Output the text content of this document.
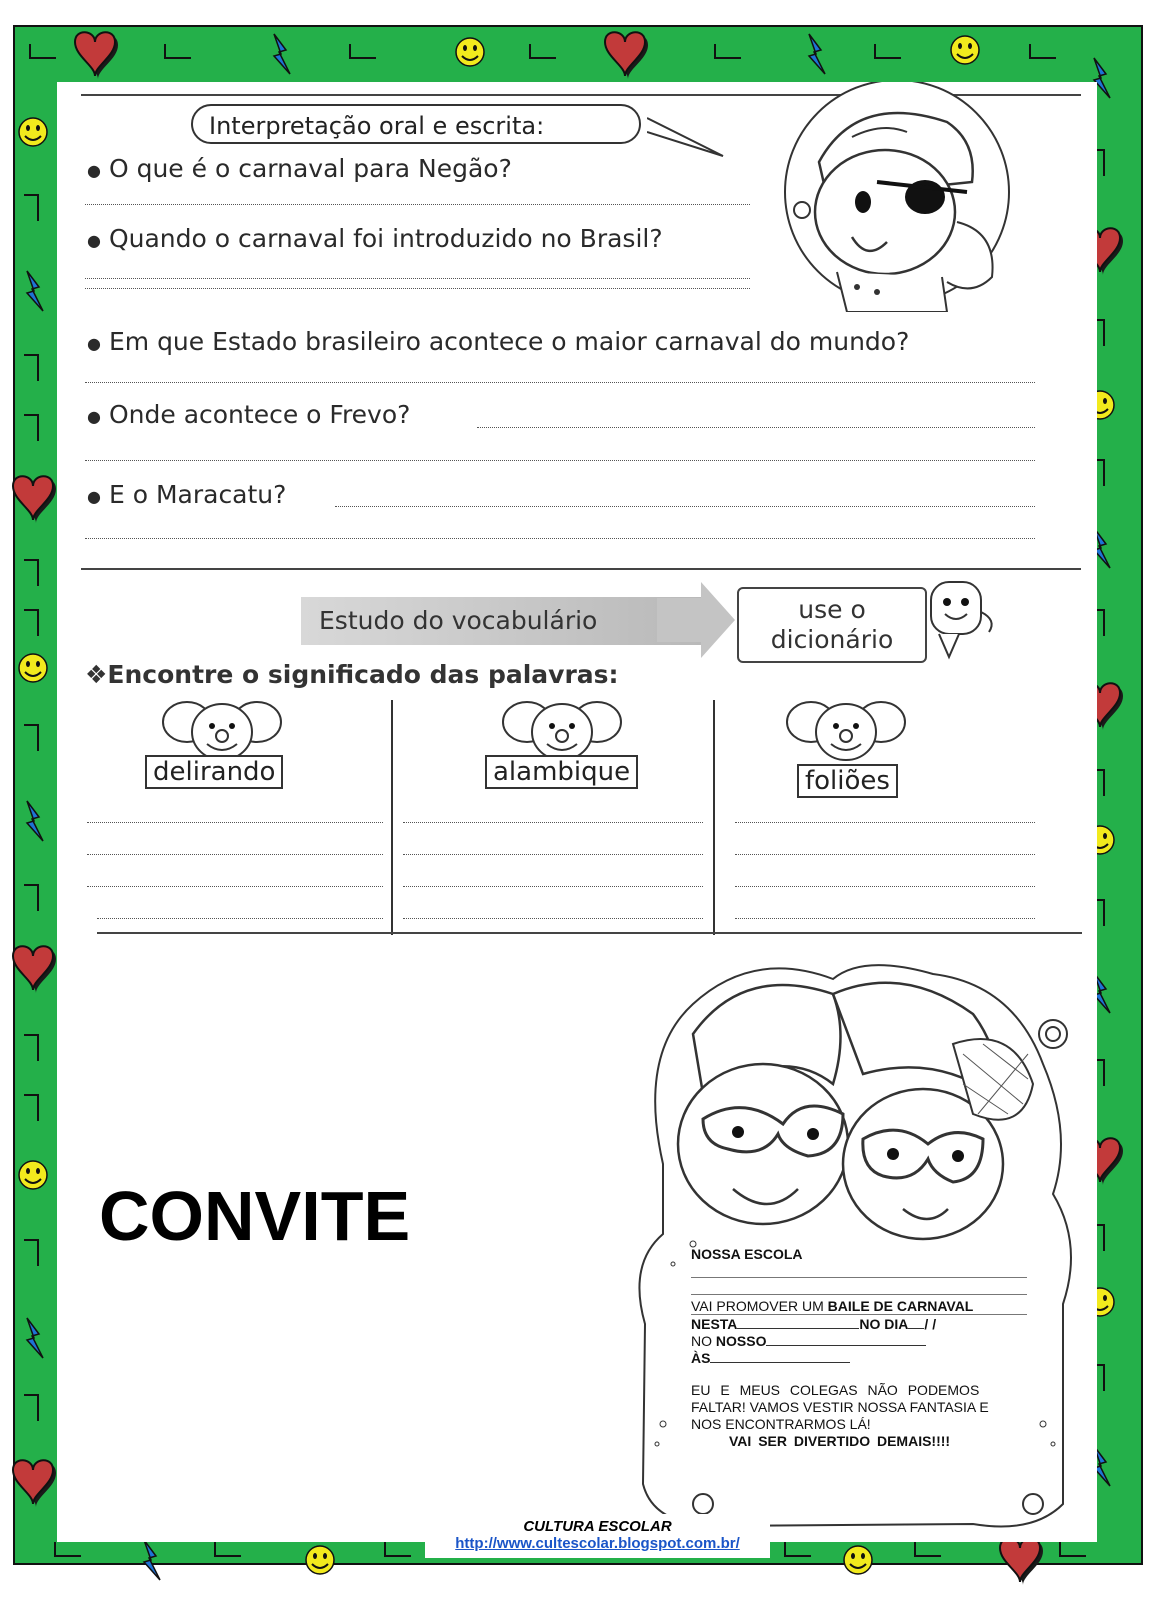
Interpretação oral e escrita:
● O que é o carnaval para Negão?
● Quando o carnaval foi introduzido no Brasil?
● Em que Estado brasileiro acontece o maior carnaval do mundo?
● Onde acontece o Frevo?
● E o Maracatu?
Estudo do vocabulário	use o
dicionário
❖Encontre o significado das palavras:
delirando	alambique	foliões
CONVITE	NOSSA ESCOLA
VAI PROMOVER UM BAILE DE CARNAVAL
NESTA	NO DIA / /
NO NOSSO
ÀS
EU E MEUS COLEGAS NÃO PODEMOS
FALTAR! VAMOS VESTIR NOSSA FANTASIA E
NOS ENCONTRARMOS LÁ!
VAI SER DIVERTIDO DEMAIS!!!!
CULTURA ESCOLAR
http://www.cultescolar.blogspot.com.br/
